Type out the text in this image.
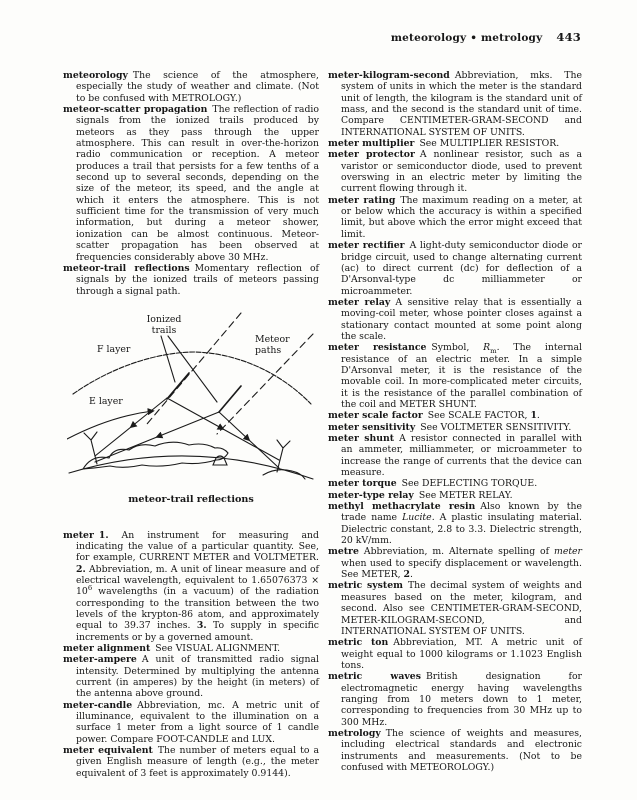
meteorology • metrology 443

meteorology The science of the atmosphere, especially the study of weather and climate. (Not to be confused with METROLOGY.)

meteor-scatter propagation The reflection of radio signals from the ionized trails produced by meteors as they pass through the upper atmosphere. This can result in over-the-horizon radio communication or reception. A meteor produces a trail that persists for a few tenths of a second up to several seconds, depending on the size of the meteor, its speed, and the angle at which it enters the atmosphere. This is not sufficient time for the transmission of very much information, but during a meteor shower, ionization can be almost continuous. Meteor-scatter propagation has been observed at frequencies considerably above 30 MHz.

meteor-trail reflections Momentary reflection of signals by the ionized trails of meteors passing through a signal path.

Ionized
trails
F layer
E layer
Meteor
paths
meteor-trail reflections

meter 1. An instrument for measuring and indicating the value of a particular quantity. See, for example, CURRENT METER and VOLTMETER. 2. Abbreviation, m. A unit of linear measure and of electrical wavelength, equivalent to $1.65076373 \times 10^6$ wavelengths (in a vacuum) of the radiation corresponding to the transition between the two levels of the krypton-86 atom, and approximately equal to 39.37 inches. 3. To supply in specific increments or by a governed amount.

meter alignment See VISUAL ALIGNMENT.

meter-ampere A unit of transmitted radio signal intensity. Determined by multiplying the antenna current (in amperes) by the height (in meters) of the antenna above ground.

meter-candle Abbreviation, mc. A metric unit of illuminance, equivalent to the illumination on a surface 1 meter from a light source of 1 candle power. Compare FOOT-CANDLE and LUX.

meter equivalent The number of meters equal to a given English measure of length (e.g., the meter equivalent of 3 feet is approximately 0.9144).

meter-kilogram-second Abbreviation, mks. The system of units in which the meter is the standard unit of length, the kilogram is the standard unit of mass, and the second is the standard unit of time. Compare CENTIMETER-GRAM-SECOND and INTERNATIONAL SYSTEM OF UNITS.

meter multiplier See MULTIPLIER RESISTOR.

meter protector A nonlinear resistor, such as a varistor or semiconductor diode, used to prevent overswing in an electric meter by limiting the current flowing through it.

meter rating The maximum reading on a meter, at or below which the accuracy is within a specified limit, but above which the error might exceed that limit.

meter rectifier A light-duty semiconductor diode or bridge circuit, used to change alternating current (ac) to direct current (dc) for deflection of a D'Arsonval-type dc milliammeter or microammeter.

meter relay A sensitive relay that is essentially a moving-coil meter, whose pointer closes against a stationary contact mounted at some point along the scale.

meter resistance Symbol, $R_m$. The internal resistance of an electric meter. In a simple D'Arsonval meter, it is the resistance of the movable coil. In more-complicated meter circuits, it is the resistance of the parallel combination of the coil and METER SHUNT.

meter scale factor See SCALE FACTOR, 1.

meter sensitivity See VOLTMETER SENSITIVITY.

meter shunt A resistor connected in parallel with an ammeter, milliammeter, or microammeter to increase the range of currents that the device can measure.

meter torque See DEFLECTING TORQUE.

meter-type relay See METER RELAY.

methyl methacrylate resin Also known by the trade name Lucite. A plastic insulating material. Dielectric constant, 2.8 to 3.3. Dielectric strength, 20 kV/mm.

metre Abbreviation, m. Alternate spelling of meter when used to specify displacement or wavelength. See METER, 2.

metric system The decimal system of weights and measures based on the meter, kilogram, and second. Also see CENTIMETER-GRAM-SECOND, METER-KILOGRAM-SECOND, and INTERNATIONAL SYSTEM OF UNITS.

metric ton Abbreviation, MT. A metric unit of weight equal to 1000 kilograms or 1.1023 English tons.

metric waves British designation for electromagnetic energy having wavelengths ranging from 10 meters down to 1 meter, corresponding to frequencies from 30 MHz up to 300 MHz.

metrology The science of weights and measures, including electrical standards and electronic instruments and measurements. (Not to be confused with METEOROLOGY.)
